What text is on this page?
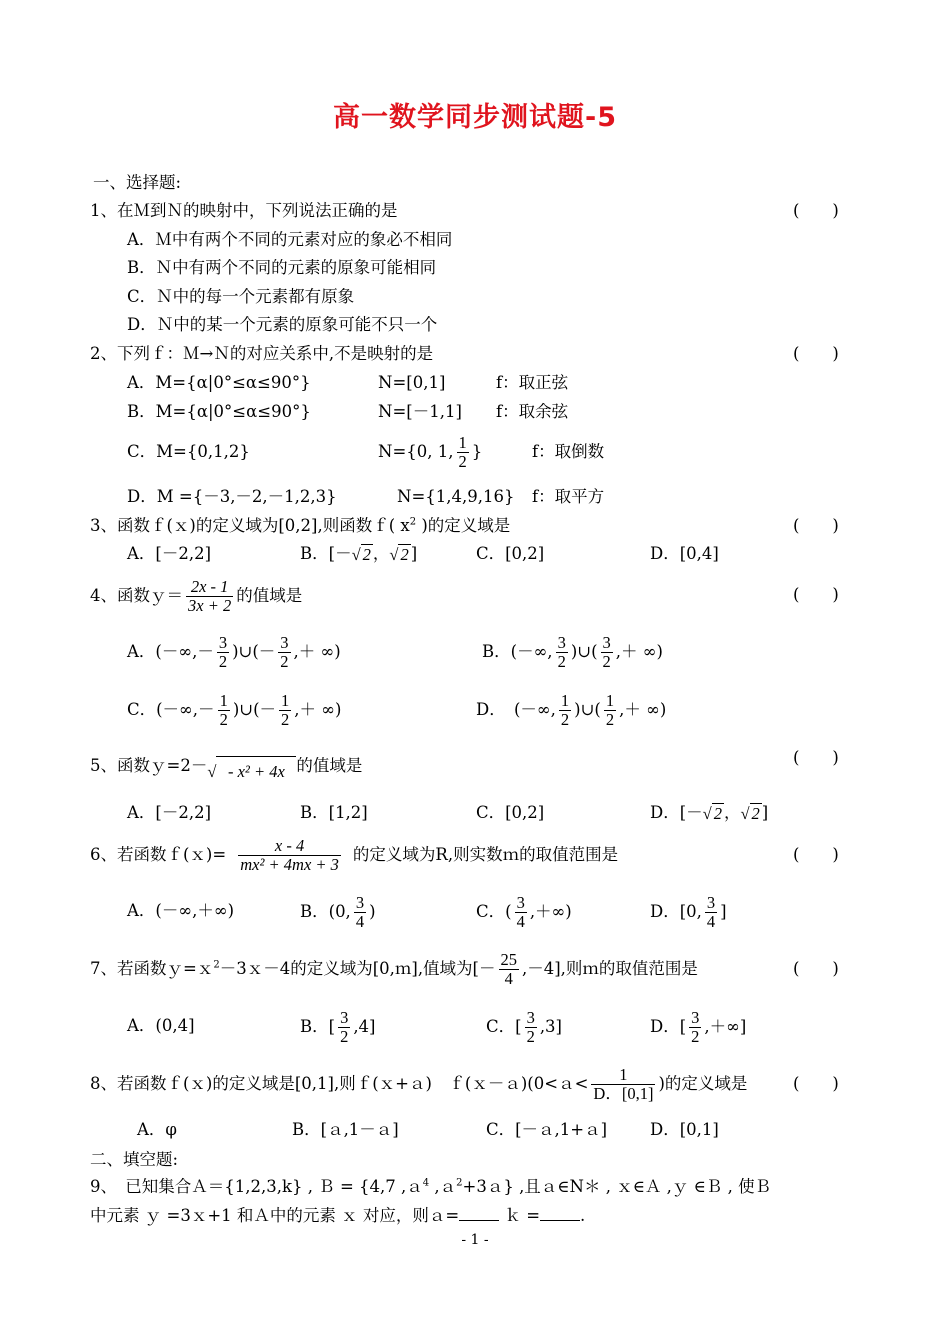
高一数学同步测试题-5
一、选择题:
1、在Ｍ到Ｎ的映射中，下列说法正确的是	(　　)
A．Ｍ中有两个不同的元素对应的象必不相同
B．Ｎ中有两个不同的元素的原象可能相同
C．Ｎ中的每一个元素都有原象
D．Ｎ中的某一个元素的原象可能不只一个
2、下列ｆ：Ｍ→Ｎ的对应关系中,不是映射的是	(　　)
A．M={α|0°≤α≤90°}	N=[0,1]	f：取正弦
B．M={α|0°≤α≤90°}	N=[－1,1] f：取余弦
C．M={0,1,2}	N={0, 1, $\frac{1}{2}$ }	f：取倒数
D．M ={－3,－2,－1,2,3}	N={1,4,9,16} f：取平方
3、函数ｆ(ｘ)的定义域为[0,2],则函数ｆ( $x^2$ )的定义域是	(　　)
A．[－2,2]	B．[－√ 2 ，√ 2 ]	C．[0,2]	D．[0,4]
4、函数ｙ＝ $\frac{2x - 1}{3x + 2}$ 的值域是	(　　)
A．(－∞,－ $\frac{3}{2}$ )∪(－ $\frac{3}{2}$ ,＋ ∞)	B．(－∞, $\frac{3}{2}$ )∪( $\frac{3}{2}$ ,＋ ∞)
C．(－∞,－ $\frac{1}{2}$ )∪(－ $\frac{1}{2}$ ,＋ ∞)	D．　(－∞, $\frac{1}{2}$ )∪( $\frac{1}{2}$ ,＋ ∞)
5、函数ｙ=2－√ - x² + 4x 的值域是	(　　)
A．[－2,2]	B．[1,2]	C．[0,2]	D．[－√ 2 ，√ 2 ]
6、若函数ｆ(ｘ)= $\frac{x - 4}{\text{mx² + 4mx + 3}}$ 的定义域为R,则实数ｍ的取值范围是	(　　)
A．(－∞,＋∞)	B．(0, $\frac{3}{4}$ )	C．( $\frac{3}{4}$ ,＋∞)	D．[0, $\frac{3}{4}$ ]
7、若函数ｙ=ｘ$^2$－3ｘ－4的定义域为[0,ｍ],值域为[－ $\frac{25}{4} ,-4$],则ｍ的取值范围是	(　　)
A．(0,4]	B．[ $\frac{3}{2} ,4$]	C．[ $\frac{3}{2} ,3$]	D．[ $\frac{3}{2}$ ,＋∞]
8、若函数ｆ(ｘ)的定义域是[0,1],则ｆ(ｘ+ａ)　ｆ(ｘ－ａ)(0<ａ< $\frac{1}{D.[0,1]}$ )的定义域是	(　　)
A．φ	B．[ａ,1－ａ]	C．[－ａ,1+ａ]	D．[0,1]
二、填空题:
9、　已知集合Ａ＝{1,2,3,k} , Ｂ = {4,7 ,ａ$^4$ ,ａ$^2$+3ａ} ,且ａ∈N＊ , ｘ∈Ａ ,ｙ ∈Ｂ , 使Ｂ
中元素 ｙ =3ｘ+1 和Ａ中的元素 ｘ 对应，则ａ= ｋ = .
- 1 -
